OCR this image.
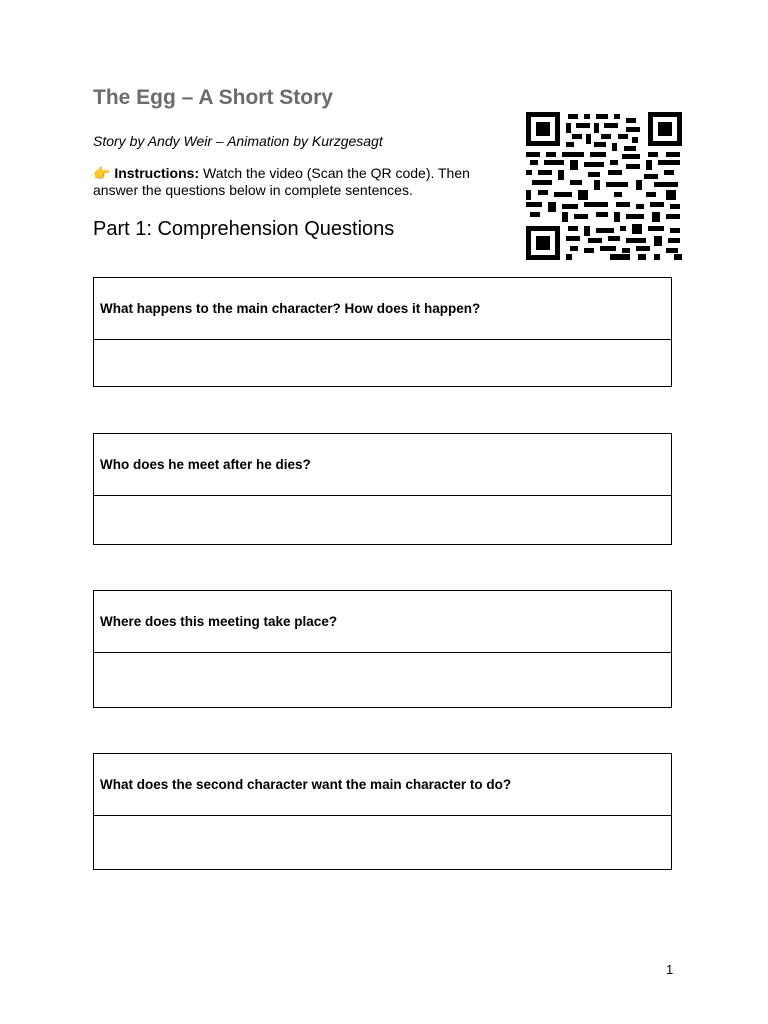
The Egg – A Short Story

Story by Andy Weir – Animation by Kurzgesagt

👉 Instructions: Watch the video (Scan the QR code). Then answer the questions below in complete sentences.

Part 1: Comprehension Questions
What happens to the main character? How does it happen?
Who does he meet after he dies?
Where does this meeting take place?
What does the second character want the main character to do?
1
